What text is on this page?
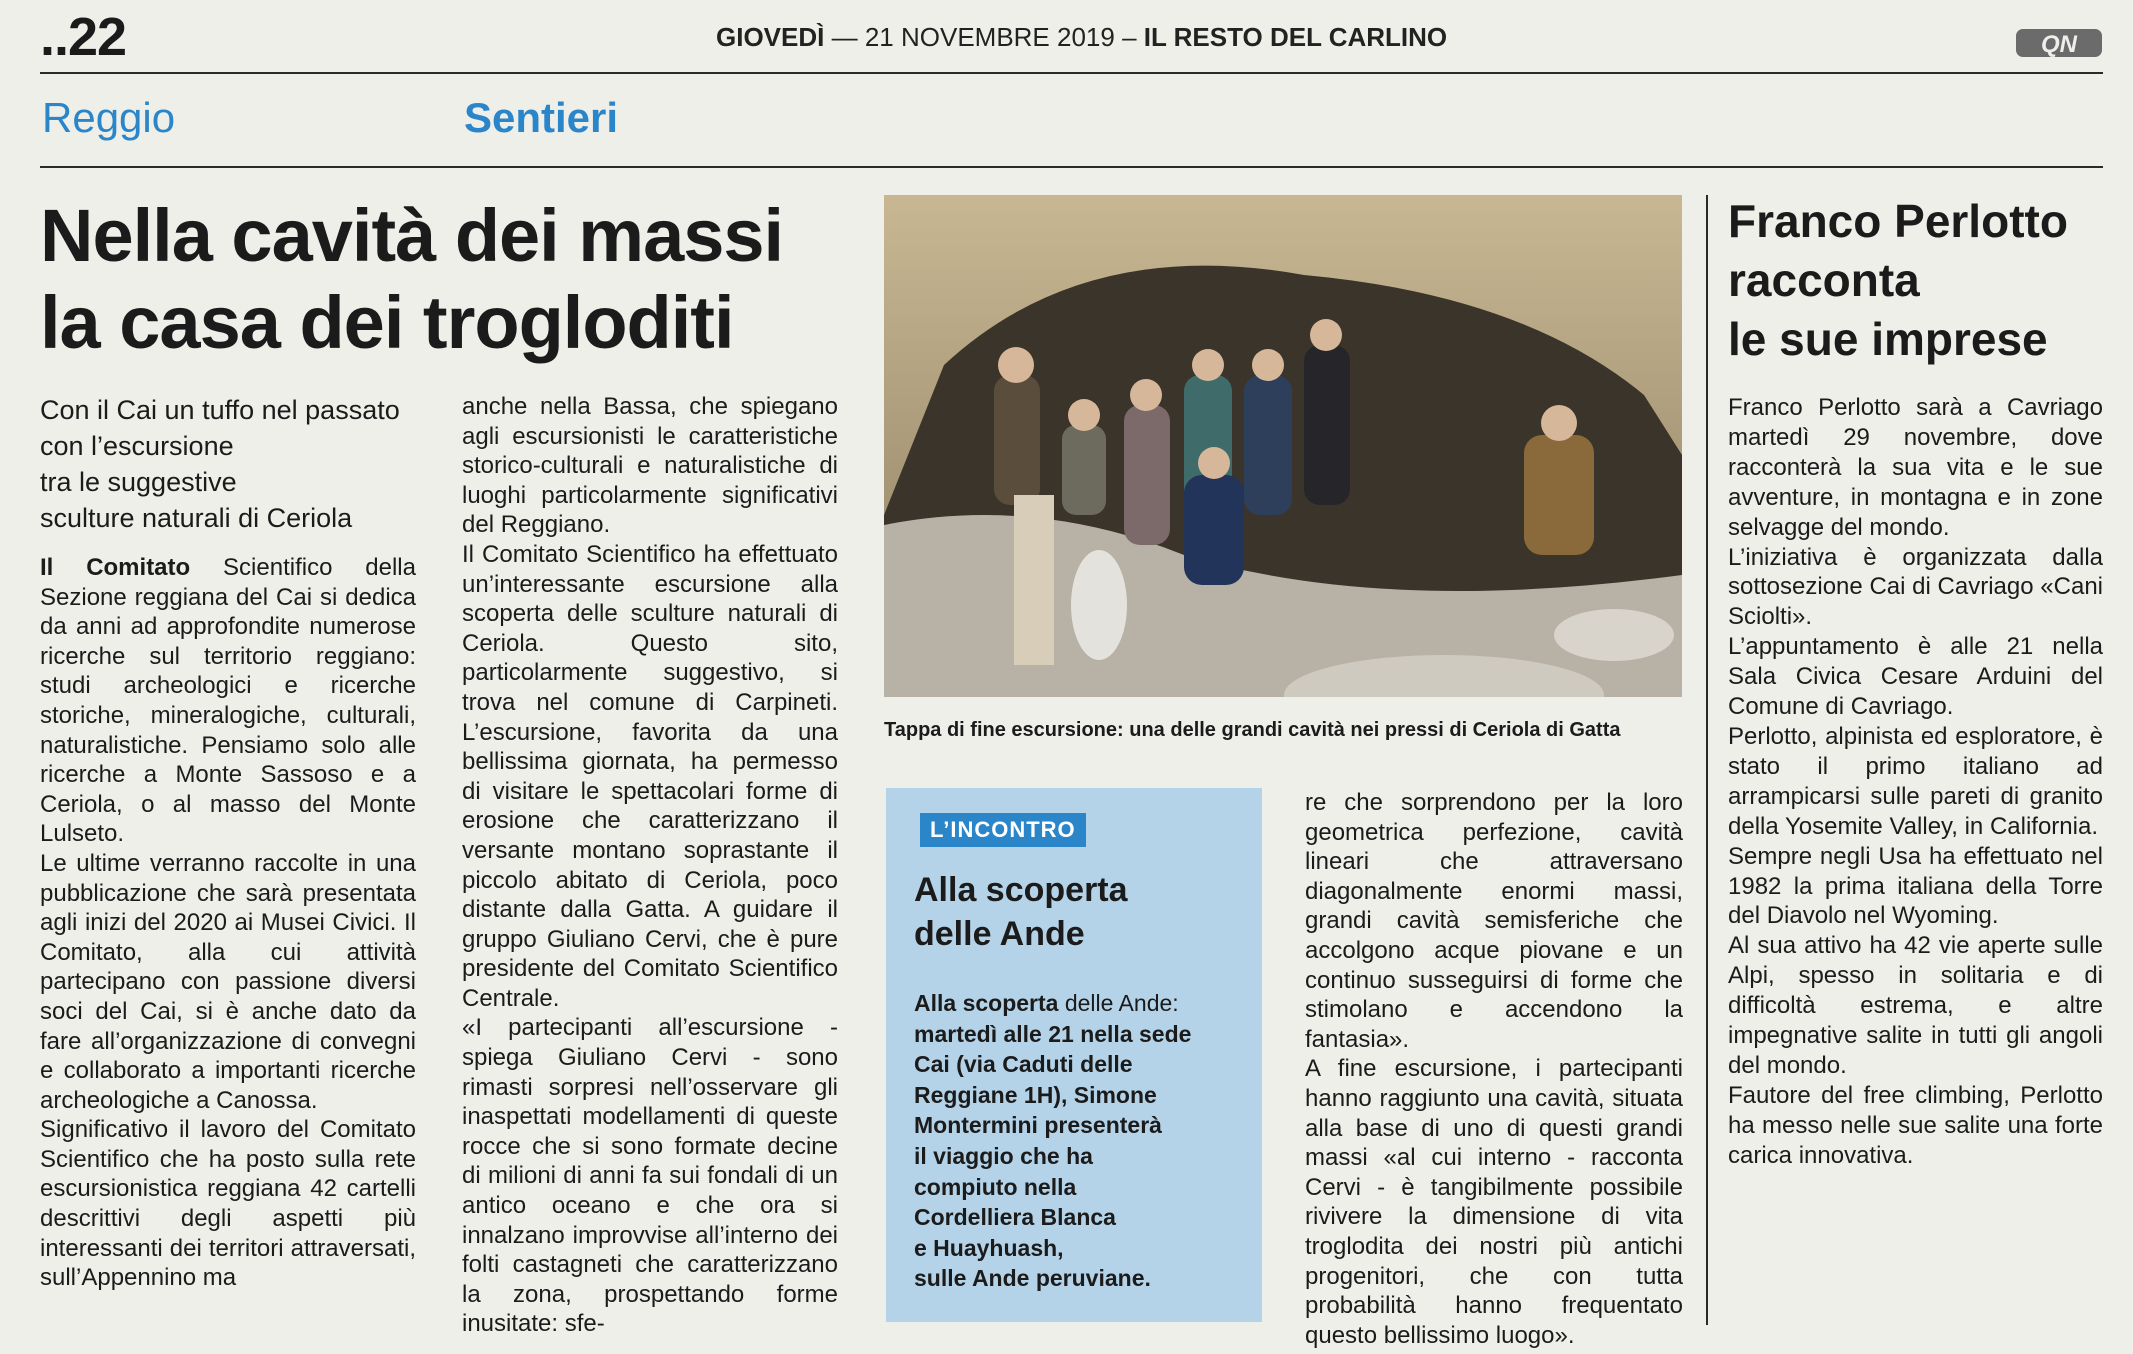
..22	GIOVEDÌ — 21 NOVEMBRE 2019 – IL RESTO DEL CARLINO	QN
Reggio	Sentieri
Nella cavità dei massi
la casa dei trogloditi
Con il Cai un tuffo nel passato
con l’escursione
tra le suggestive
sculture naturali di Ceriola

Il Comitato Scientifico della Sezione reggiana del Cai si dedica da anni ad approfondite numerose ricerche sul territorio reggiano: studi archeologici e ricerche storiche, mineralogiche, culturali, naturalistiche. Pensiamo solo alle ricerche a Monte Sassoso e a Ceriola, o al masso del Monte Lulseto.

Le ultime verranno raccolte in una pubblicazione che sarà presentata agli inizi del 2020 ai Musei Civici. Il Comitato, alla cui attività partecipano con passione diversi soci del Cai, si è anche dato da fare all’organizzazione di convegni e collaborato a importanti ricerche archeologiche a Canossa.

Significativo il lavoro del Comitato Scientifico che ha posto sulla rete escursionistica reggiana 42 cartelli descrittivi degli aspetti più interessanti dei territori attraversati, sull’Appennino ma

anche nella Bassa, che spiegano agli escursionisti le caratteristiche storico-culturali e naturalistiche di luoghi particolarmente significativi del Reggiano.

Il Comitato Scientifico ha effettuato un’interessante escursione alla scoperta delle sculture naturali di Ceriola. Questo sito, particolarmente suggestivo, si trova nel comune di Carpineti. L’escursione, favorita da una bellissima giornata, ha permesso di visitare le spettacolari forme di erosione che caratterizzano il versante montano soprastante il piccolo abitato di Ceriola, poco distante dalla Gatta. A guidare il gruppo Giuliano Cervi, che è pure presidente del Comitato Scientifico Centrale.

«I partecipanti all’escursione - spiega Giuliano Cervi - sono rimasti sorpresi nell’osservare gli inaspettati modellamenti di queste rocce che si sono formate decine di milioni di anni fa sui fondali di un antico oceano e che ora si innalzano improvvise all’interno dei folti castagneti che caratterizzano la zona, prospettando forme inusitate: sfe-

Tappa di fine escursione: una delle grandi cavità nei pressi di Ceriola di Gatta
L’INCONTRO
Alla scoperta
delle Ande
Alla scoperta delle Ande:
martedì alle 21 nella sede
Cai (via Caduti delle
Reggiane 1H), Simone
Montermini presenterà
il viaggio che ha
compiuto nella
Cordelliera Blanca
e Huayhuash,
sulle Ande peruviane.

re che sorprendono per la loro geometrica perfezione, cavità lineari che attraversano diagonalmente enormi massi, grandi cavità semisferiche che accolgono acque piovane e un continuo susseguirsi di forme che stimolano e accendono la fantasia».

A fine escursione, i partecipanti hanno raggiunto una cavità, situata alla base di uno di questi grandi massi «al cui interno - racconta Cervi - è tangibilmente possibile rivivere la dimensione di vita troglodita dei nostri più antichi progenitori, che con tutta probabilità hanno frequentato questo bellissimo luogo».

Franco Perlotto
racconta
le sue imprese

Franco Perlotto sarà a Cavriago martedì 29 novembre, dove racconterà la sua vita e le sue avventure, in montagna e in zone selvagge del mondo.

L’iniziativa è organizzata dalla sottosezione Cai di Cavriago «Cani Sciolti».

L’appuntamento è alle 21 nella Sala Civica Cesare Arduini del Comune di Cavriago.

Perlotto, alpinista ed esploratore, è stato il primo italiano ad arrampicarsi sulle pareti di granito della Yosemite Valley, in California.

Sempre negli Usa ha effettuato nel 1982 la prima italiana della Torre del Diavolo nel Wyoming.

Al sua attivo ha 42 vie aperte sulle Alpi, spesso in solitaria e di difficoltà estrema, e altre impegnative salite in tutti gli angoli del mondo.

Fautore del free climbing, Perlotto ha messo nelle sue salite una forte carica innovativa.
